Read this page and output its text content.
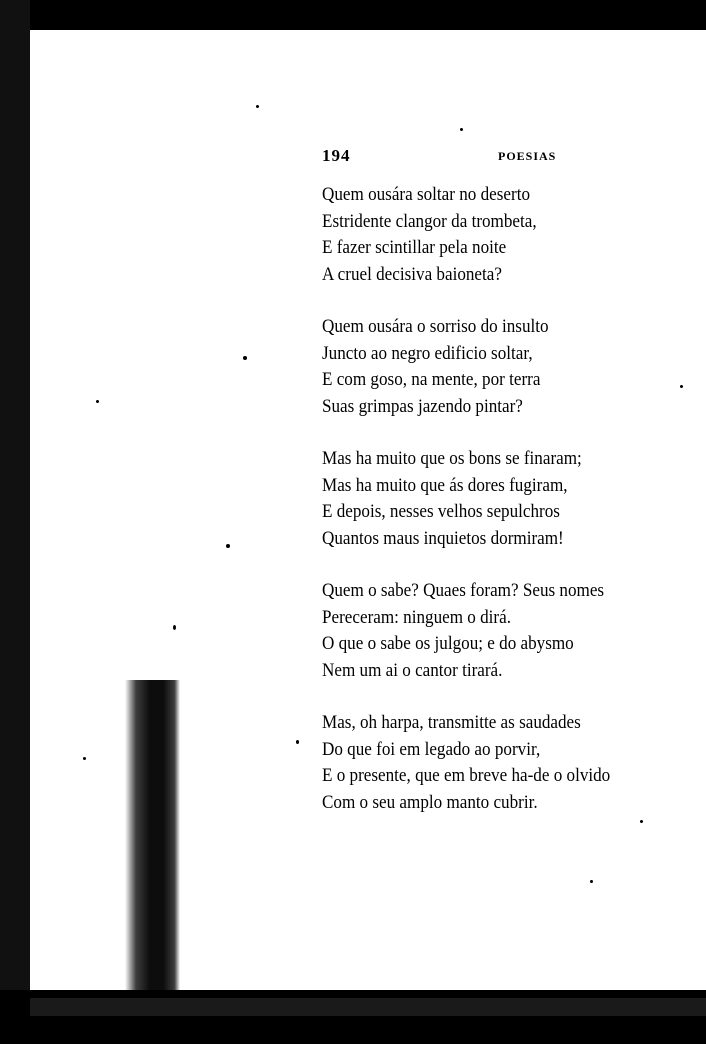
194	POESIAS
Quem ousára soltar no deserto
Estridente clangor da trombeta,
E fazer scintillar pela noite
A cruel decisiva baioneta?
Quem ousára o sorriso do insulto
Juncto ao negro edificio soltar,
E com goso, na mente, por terra
Suas grimpas jazendo pintar?
Mas ha muito que os bons se finaram;
Mas ha muito que ás dores fugiram,
E depois, nesses velhos sepulchros
Quantos maus inquietos dormiram!
Quem o sabe? Quaes foram? Seus nomes
Pereceram: ninguem o dirá.
O que o sabe os julgou; e do abysmo
Nem um ai o cantor tirará.
Mas, oh harpa, transmitte as saudades
Do que foi em legado ao porvir,
E o presente, que em breve ha-de o olvido
Com o seu amplo manto cubrir.
